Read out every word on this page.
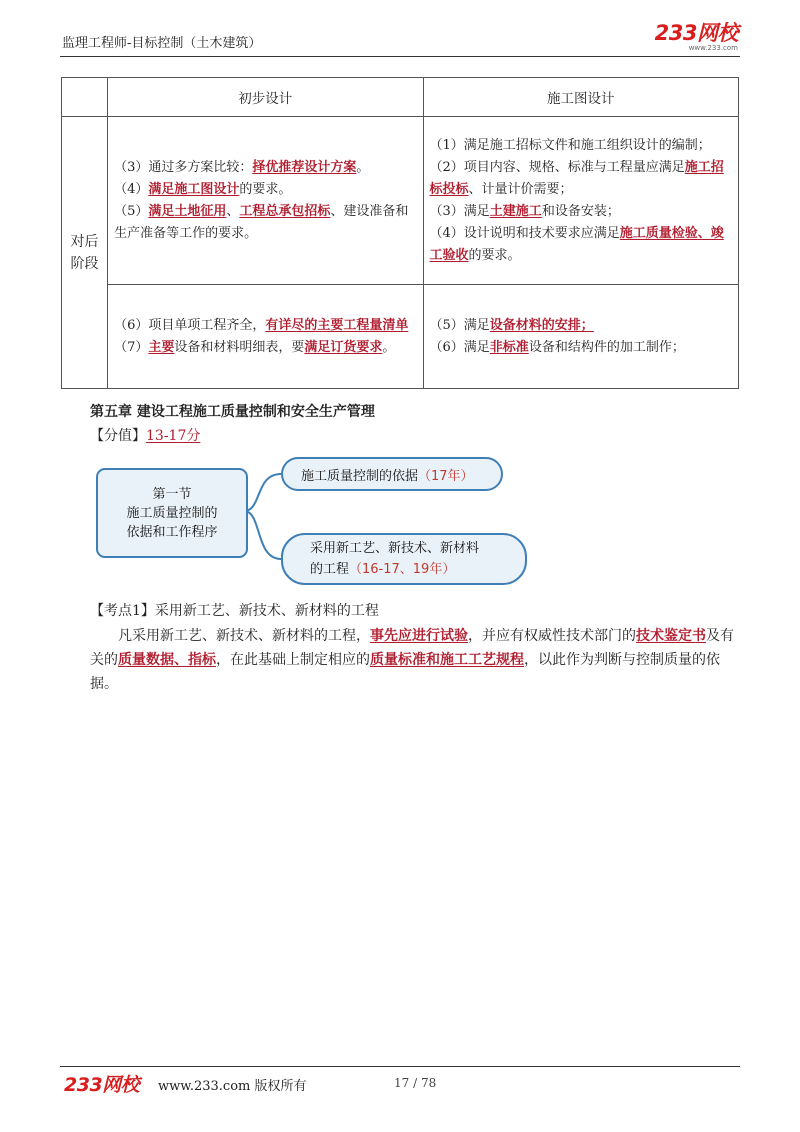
监理工程师-目标控制（土木建筑）	233网校
www.233.com
	初步设计	施工图设计

对后阶段	（3）通过多方案比较：择优推荐设计方案。
（4）满足施工图设计的要求。
（5）满足土地征用、工程总承包招标、建设准备和生产准备等工作的要求。	（1）满足施工招标文件和施工组织设计的编制；
（2）项目内容、规格、标准与工程量应满足施工招标投标、计量计价需要；
（3）满足土建施工和设备安装；
（4）设计说明和技术要求应满足施工质量检验、竣工验收的要求。
	（6）项目单项工程齐全，有详尽的主要工程量清单
（7）主要设备和材料明细表，要满足订货要求。	（5）满足设备材料的安排；
（6）满足非标准设备和结构件的加工制作；
第五章 建设工程施工质量控制和安全生产管理
【分值】13-17分
第一节
施工质量控制的
依据和工作程序
施工质量控制的依据 （17年）
采用新工艺、新技术、新材料
的工程（16-17、19年）
【考点1】采用新工艺、新技术、新材料的工程
凡采用新工艺、新技术、新材料的工程，事先应进行试验，并应有权威性技术部门的技术鉴定书及有关的质量数据、指标，在此基础上制定相应的质量标准和施工工艺规程，以此作为判断与控制质量的依据。
233网校 www.233.com 版权所有	17 / 78
